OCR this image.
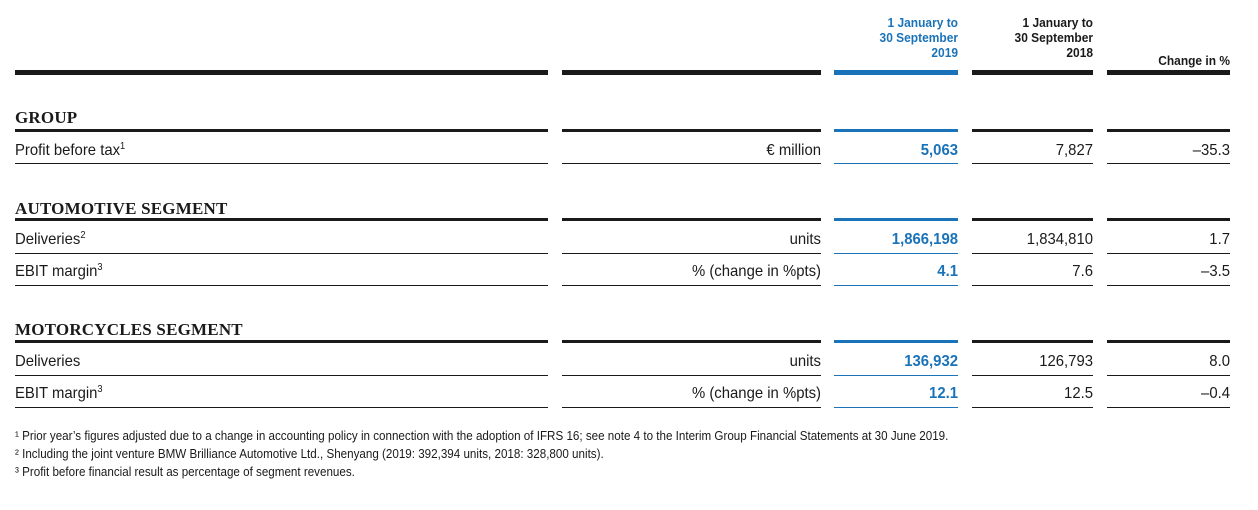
1 January to
30 September
2019
1 January to
30 September
2018
Change in %
GROUP
Profit before tax$^1$	€ million	5,063	7,827	–35.3
AUTOMOTIVE SEGMENT
Deliveries$^2$	units	1,866,198	1,834,810	1.7
EBIT margin$^3$	% (change in %pts)	4.1	7.6	–3.5
MOTORCYCLES SEGMENT
Deliveries	units	136,932	126,793	8.0
EBIT margin$^3$	% (change in %pts)	12.1	12.5	–0.4
¹ Prior year’s figures adjusted due to a change in accounting policy in connection with the adoption of IFRS 16; see note 4 to the Interim Group Financial Statements at 30 June 2019.
² Including the joint venture BMW Brilliance Automotive Ltd., Shenyang (2019: 392,394 units, 2018: 328,800 units).
³ Profit before financial result as percentage of segment revenues.
